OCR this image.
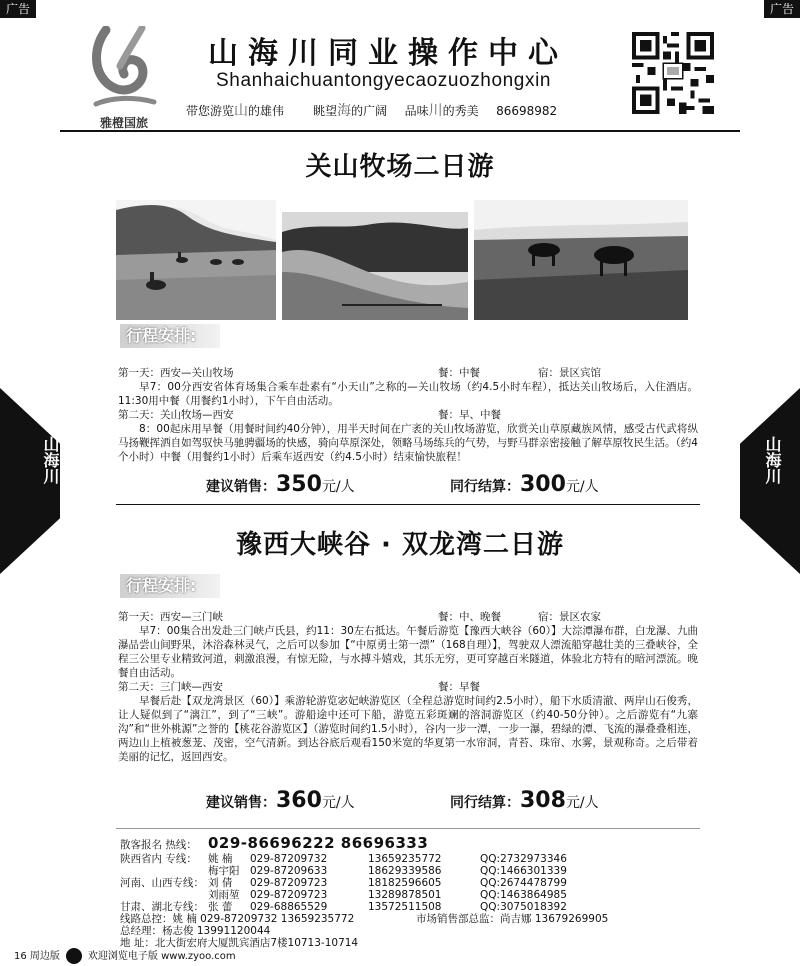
广告	广告
雅橙国旅
山海川同业操作中心
Shanhaichuantongyecaozuozhongxin
带您游览山的雄伟 眺望海的广阔 品味川的秀美 86698982
山海川	山海川
关山牧场二日游
行程安排:
第一天：西安—关山牧场	餐：中餐	宿：景区宾馆
早7：00分西安省体育场集合乘车赴素有“小天山”之称的—关山牧场（约4.5小时车程），抵达关山牧场后，入住酒店。11:30用中餐（用餐约1小时），下午自由活动。
第二天：关山牧场—西安	餐：早、中餐
8：00起床用早餐（用餐时间约40分钟），用半天时间在广袤的关山牧场游览，欣赏关山草原藏族风情，感受古代武将纵马扬鞭挥洒自如驾驭快马驰骋疆场的快感，骑向草原深处，领略马场练兵的气势，与野马群亲密接触了解草原牧民生活。（约4个小时）中餐（用餐约1小时）后乘车返西安（约4.5小时）结束愉快旅程！
建议销售：350元/人	同行结算：300元/人
豫西大峡谷 · 双龙湾二日游
行程安排:
第一天：西安—三门峡	餐：中、晚餐	宿：景区农家
早7：00集合出发赴三门峡卢氏县，约11：30左右抵达。午餐后游览【豫西大峡谷（60）】大淙潭瀑布群，白龙瀑、九曲瀑品尝山间野果，沐浴森林灵气，之后可以参加【“中原勇士第一漂”（168自理）】，驾驶双人漂流船穿越壮美的三叠峡谷，全程三公里专业精致河道，刺激浪漫，有惊无险，与水搏斗嬉戏，其乐无穷，更可穿越百米隧道，体验北方特有的暗河漂流。晚餐自由活动。
第二天：三门峡—西安	餐：早餐
早餐后赴【双龙湾景区（60）】乘游轮游览宓妃峡游览区（全程总游览时间约2.5小时），船下水质清澈、两岸山石俊秀，让人疑似到了“漓江”，到了“三峡”。游船途中还可下船，游览五彩斑斓的溶洞游览区（约40-50分钟）。之后游览有“九寨沟”和“世外桃源”之誉的【桃花谷游览区】（游览时间约1.5小时），谷内一步一潭，一步一瀑，碧绿的潭、飞流的瀑叠叠相连，两边山上植被葱茏、茂密，空气清新。到达谷底后观看150米宽的华夏第一水帘洞，青苔、珠帘、水雾，景观称奇。之后带着美丽的记忆，返回西安。
建议销售：360元/人	同行结算：308元/人
散客报名 热线： 029-86696222 86696333
陕西省内 专线： 姚 楠 029-87209732	13659235772	QQ:2732973346
梅宇阳 029-87209633	18629339586	QQ:1466301339
河南、山西专线： 刘 倩 029-87209723	18182596605	QQ:2674478799
刘雨堃 029-87209723	13289878501	QQ:1463864985
甘肃、湖北专线： 张 蕾 029-68865529	13572511508	QQ:3075018392
线路总控：姚 楠 029-87209732 13659235772	市场销售部总监：尚吉娜 13679269905
总经理：杨志俊 13991120044
地 址：北大街宏府大厦凯宾酒店7楼10713-10714
16 周边版	欢迎浏览电子版 www.zyoo.com
